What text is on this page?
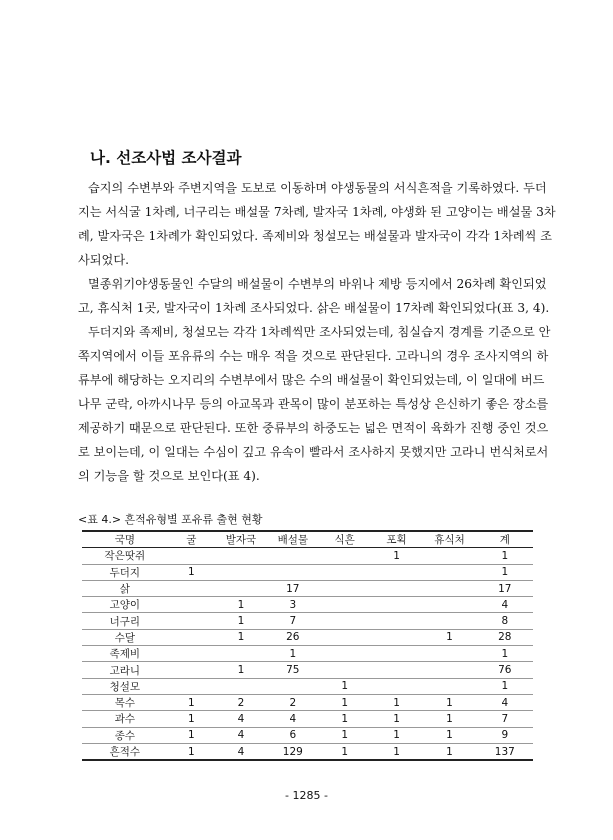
나. 선조사법 조사결과
습지의 수변부와 주변지역을 도보로 이동하며 야생동물의 서식흔적을 기록하였다. 두더
지는 서식굴 1차례, 너구리는 배설물 7차례, 발자국 1차례, 야생화 된 고양이는 배설물 3차
례, 발자국은 1차례가 확인되었다. 족제비와 청설모는 배설물과 발자국이 각각 1차례씩 조
사되었다.
멸종위기야생동물인 수달의 배설물이 수변부의 바위나 제방 등지에서 26차례 확인되었
고, 휴식처 1곳, 발자국이 1차례 조사되었다. 삵은 배설물이 17차례 확인되었다(표 3, 4).
두더지와 족제비, 청설모는 각각 1차례씩만 조사되었는데, 침실습지 경계를 기준으로 안
쪽지역에서 이들 포유류의 수는 매우 적을 것으로 판단된다. 고라니의 경우 조사지역의 하
류부에 해당하는 오지리의 수변부에서 많은 수의 배설물이 확인되었는데, 이 일대에 버드
나무 군락, 아까시나무 등의 아교목과 관목이 많이 분포하는 특성상 은신하기 좋은 장소를
제공하기 때문으로 판단된다. 또한 중류부의 하중도는 넓은 면적이 육화가 진행 중인 것으
로 보이는데, 이 일대는 수심이 깊고 유속이 빨라서 조사하지 못했지만 고라니 번식처로서
의 기능을 할 것으로 보인다(표 4).
<표 4.> 흔적유형별 포유류 출현 현황
국명	굴	발자국	배설물	식흔	포획	휴식처	계
작은땃쥐					1		1
두더지	1						1
삵			17				17
고양이		1	3				4
너구리		1	7				8
수달		1	26			1	28
족제비			1				1
고라니		1	75				76
청설모				1			1
목수	1	2	2	1	1	1	4
과수	1	4	4	1	1	1	7
종수	1	4	6	1	1	1	9
흔적수	1	4	129	1	1	1	137
- 1285 -
